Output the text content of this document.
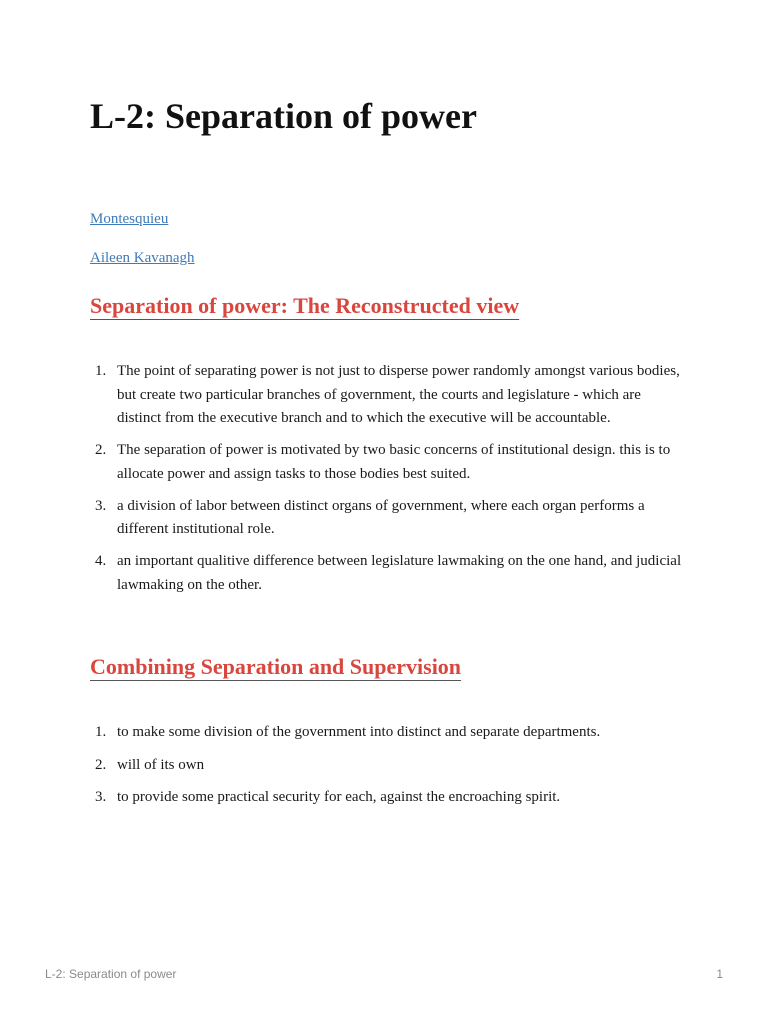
L-2: Separation of power
Montesquieu
Aileen Kavanagh
Separation of power: The Reconstructed view
1. The point of separating power is not just to disperse power randomly amongst various bodies, but create two particular branches of government, the courts and legislature - which are distinct from the executive branch and to which the executive will be accountable.
2. The separation of power is motivated by two basic concerns of institutional design. this is to allocate power and assign tasks to those bodies best suited.
3. a division of labor between distinct organs of government, where each organ performs a different institutional role.
4. an important qualitive difference between legislature lawmaking on the one hand, and judicial lawmaking on the other.
Combining Separation and Supervision
1. to make some division of the government into distinct and separate departments.
2. will of its own
3. to provide some practical security for each, against the encroaching spirit.
L-2: Separation of power	1
